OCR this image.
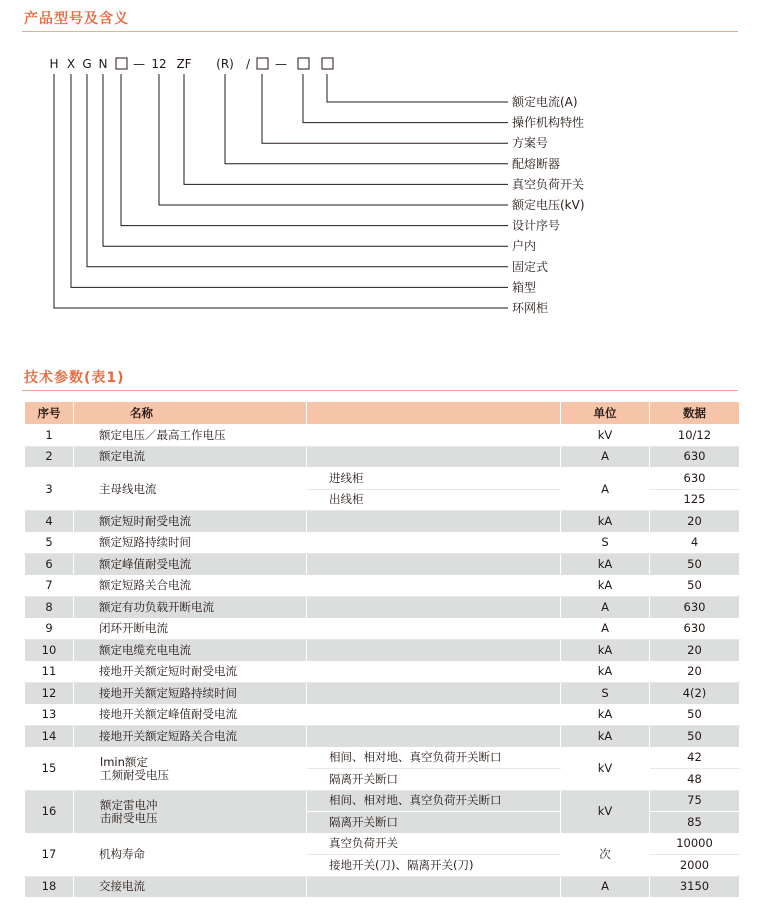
产品型号及含义
H X G N — 12 ZF (R) / —
额定电流(A)
操作机构特性
方案号
配熔断器
真空负荷开关
额定电压(kV)
设计序号
户内
固定式
箱型
环网柜
技术参数(表1)
序号	名称		单位	数据
1	额定电压／最高工作电压		kV	10/12
2	额定电流		A	630
3	主母线电流	进线柜	A	630
		出线柜		125
4	额定短时耐受电流		kA	20
5	额定短路持续时间		S	4
6	额定峰值耐受电流		kA	50
7	额定短路关合电流		kA	50
8	额定有功负载开断电流		A	630
9	闭环开断电流		A	630
10	额定电缆充电电流		kA	20
11	接地开关额定短时耐受电流		kA	20
12	接地开关额定短路持续时间		S	4(2)
13	接地开关额定峰值耐受电流		kA	50
14	接地开关额定短路关合电流		kA	50
15	lmin额定
工频耐受电压	相间、相对地、真空负荷开关断口	kV	42
		隔离开关断口		48
16	额定雷电冲
击耐受电压	相间、相对地、真空负荷开关断口	kV	75
		隔离开关断口		85
17	机构寿命	真空负荷开关	次	10000
		接地开关(刀)、隔离开关(刀)		2000
18	交接电流		A	3150
